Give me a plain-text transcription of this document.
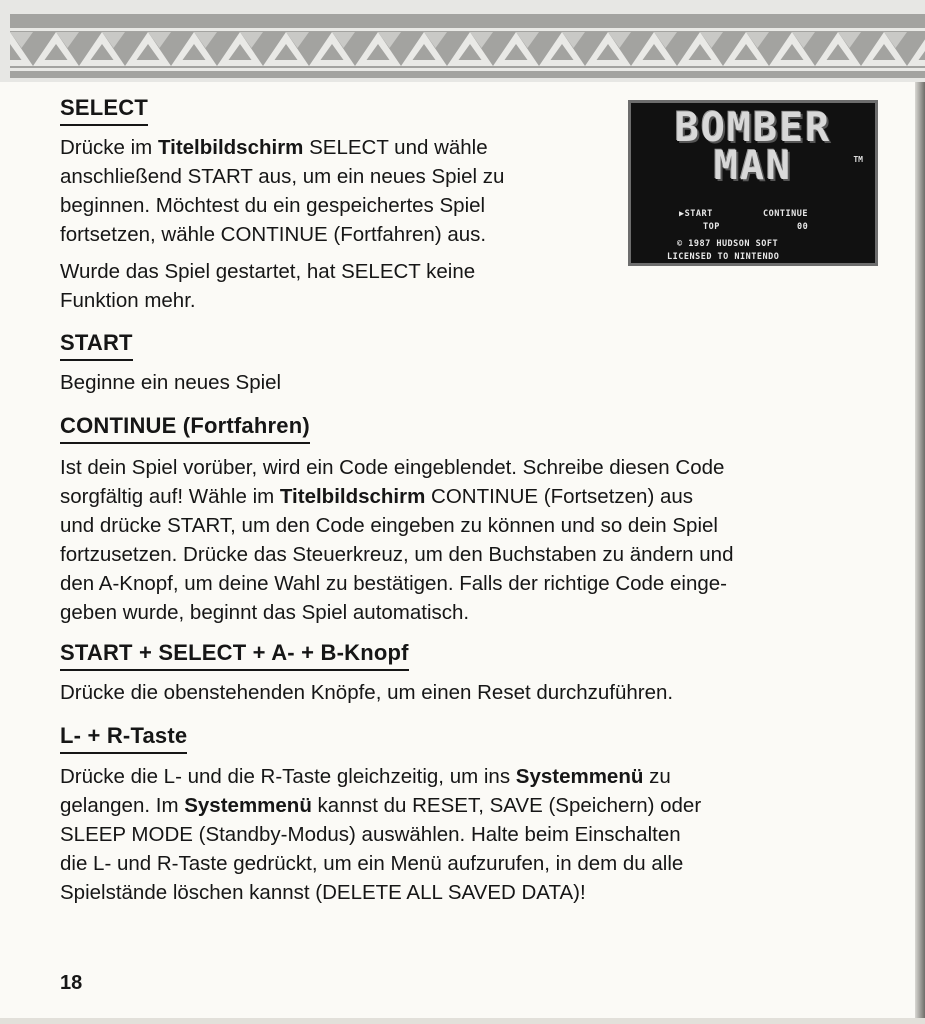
SELECT

Drücke im Titelbildschirm SELECT und wähle
anschließend START aus, um ein neues Spiel zu
beginnen. Möchtest du ein gespeichertes Spiel
fortsetzen, wähle CONTINUE (Fortfahren) aus.

Wurde das Spiel gestartet, hat SELECT keine
Funktion mehr.

BOMBER
MAN	TM
▶START	CONTINUE
TOP	00
© 1987 HUDSON SOFT
LICENSED TO NINTENDO
START

Beginne ein neues Spiel

CONTINUE (Fortfahren)

Ist dein Spiel vorüber, wird ein Code eingeblendet. Schreibe diesen Code
sorgfältig auf! Wähle im Titelbildschirm CONTINUE (Fortsetzen) aus
und drücke START, um den Code eingeben zu können und so dein Spiel
fortzusetzen. Drücke das Steuerkreuz, um den Buchstaben zu ändern und
den A-Knopf, um deine Wahl zu bestätigen. Falls der richtige Code einge-
geben wurde, beginnt das Spiel automatisch.

START + SELECT + A- + B-Knopf

Drücke die obenstehenden Knöpfe, um einen Reset durchzuführen.

L- + R-Taste

Drücke die L- und die R-Taste gleichzeitig, um ins Systemmenü zu
gelangen. Im Systemmenü kannst du RESET, SAVE (Speichern) oder
SLEEP MODE (Standby-Modus) auswählen. Halte beim Einschalten
die L- und R-Taste gedrückt, um ein Menü aufzurufen, in dem du alle
Spielstände löschen kannst (DELETE ALL SAVED DATA)!

18
